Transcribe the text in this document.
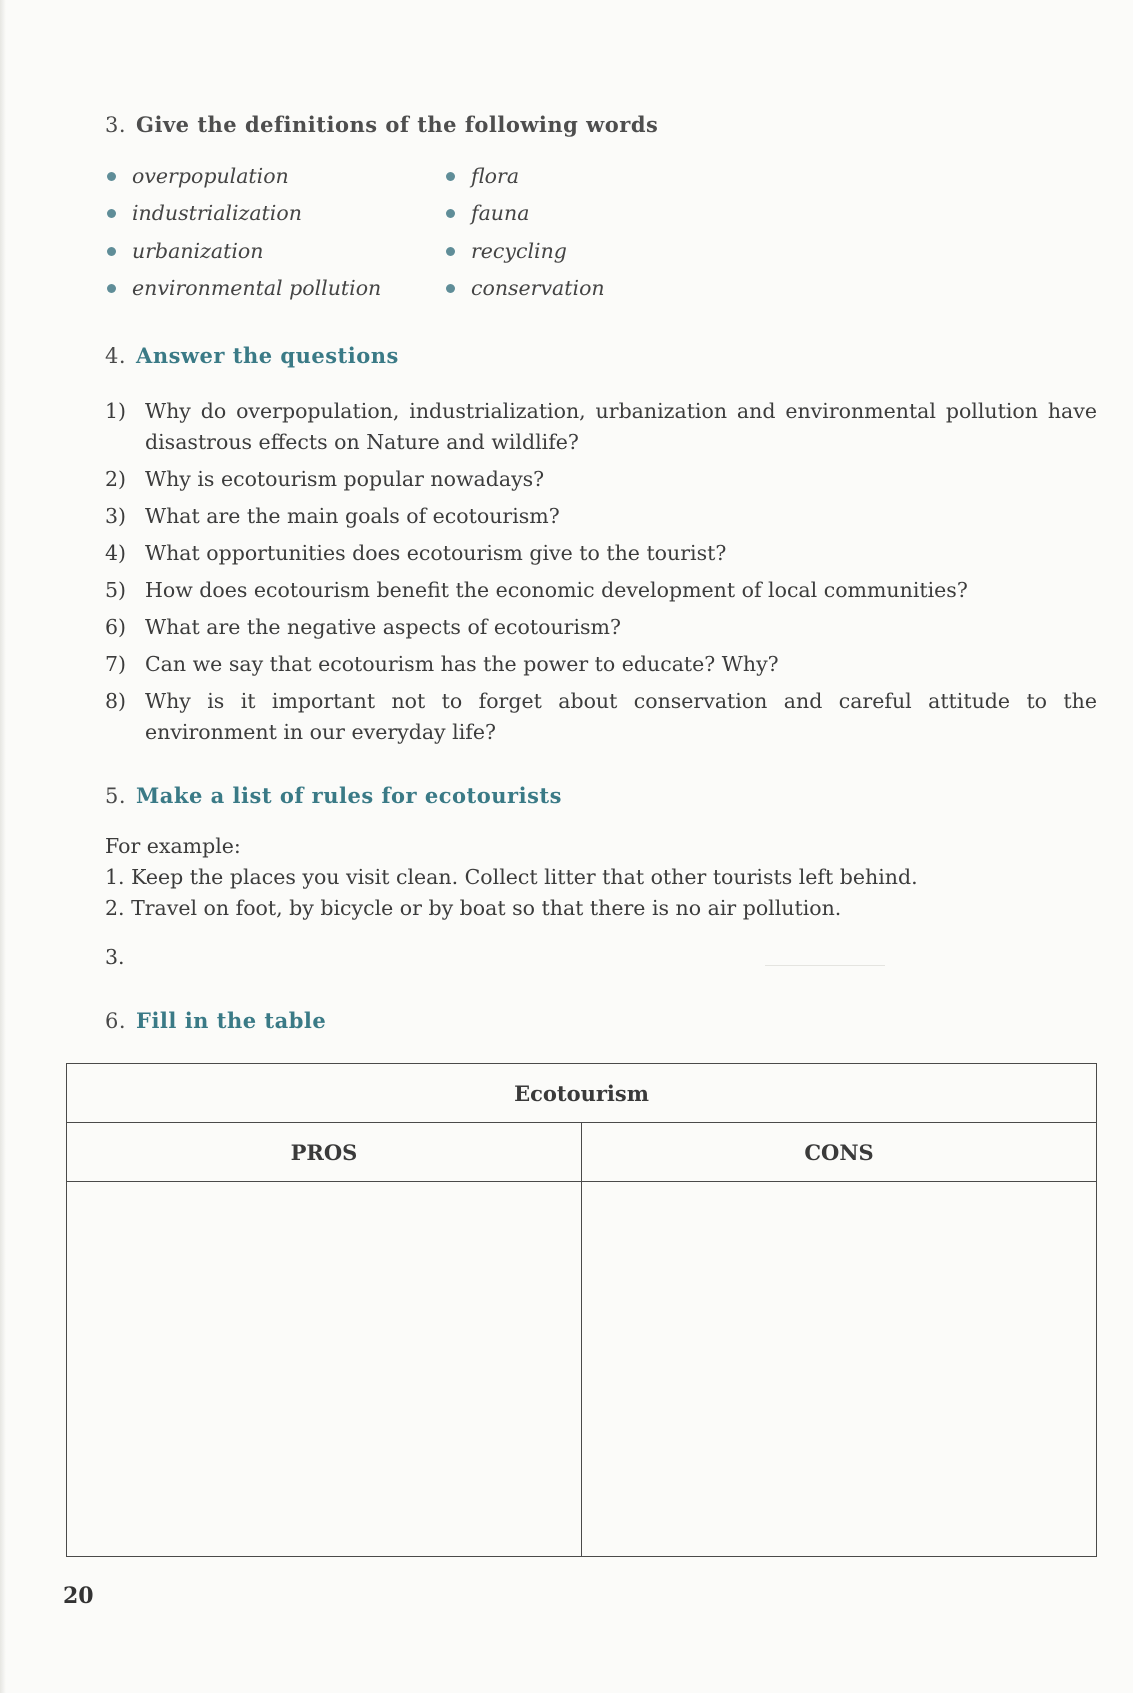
3. Give the definitions of the following words
overpopulation
industrialization
urbanization
environmental pollution
flora
fauna
recycling
conservation
4. Answer the questions
1) Why do overpopulation, industrialization, urbanization and environmental pollution have disastrous effects on Nature and wildlife?
2) Why is ecotourism popular nowadays?
3) What are the main goals of ecotourism?
4) What opportunities does ecotourism give to the tourist?
5) How does ecotourism benefit the economic development of local communities?
6) What are the negative aspects of ecotourism?
7) Can we say that ecotourism has the power to educate? Why?
8) Why is it important not to forget about conservation and careful attitude to the environment in our everyday life?
5. Make a list of rules for ecotourists
For example:
1. Keep the places you visit clean. Collect litter that other tourists left behind.
2. Travel on foot, by bicycle or by boat so that there is no air pollution.
3.
6. Fill in the table
Ecotourism	
PROS	CONS

20
